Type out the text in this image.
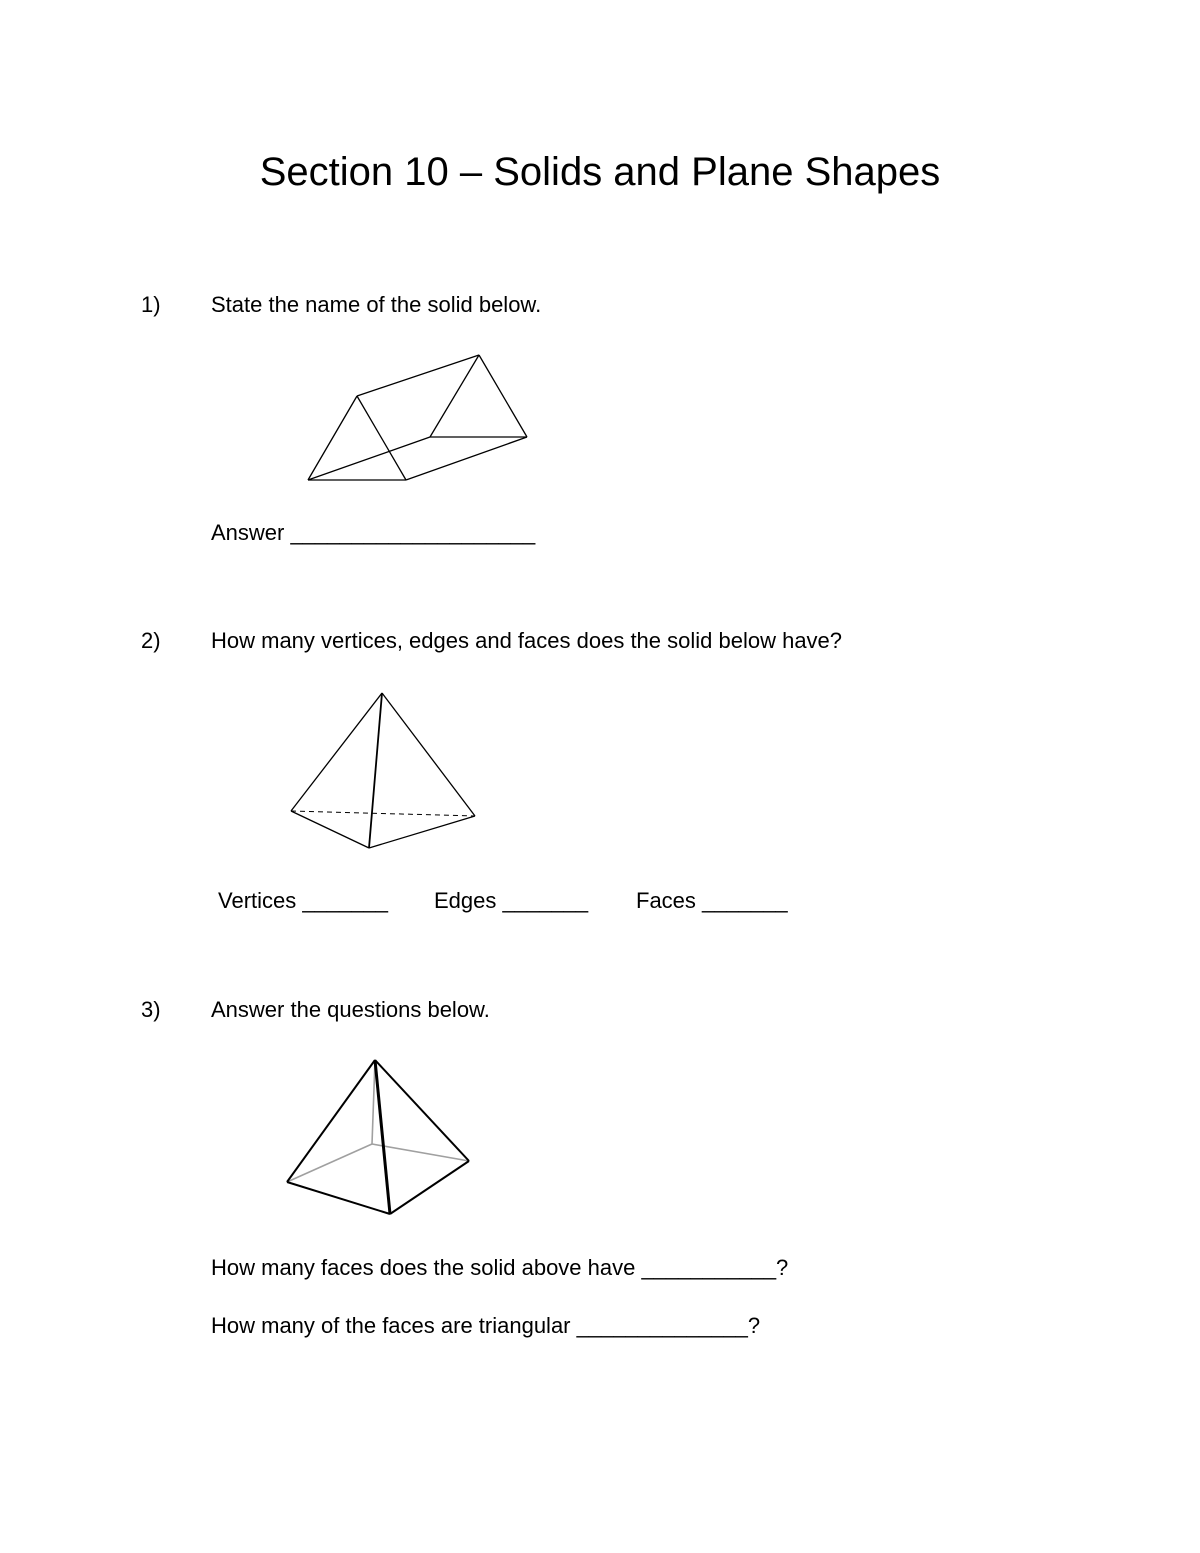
Section 10 – Solids and Plane Shapes
1) State the name of the solid below.
Answer ____________________
2) How many vertices, edges and faces does the solid below have?
Vertices _______ Edges _______ Faces _______
3) Answer the questions below.
How many faces does the solid above have ___________?
How many of the faces are triangular ______________?
